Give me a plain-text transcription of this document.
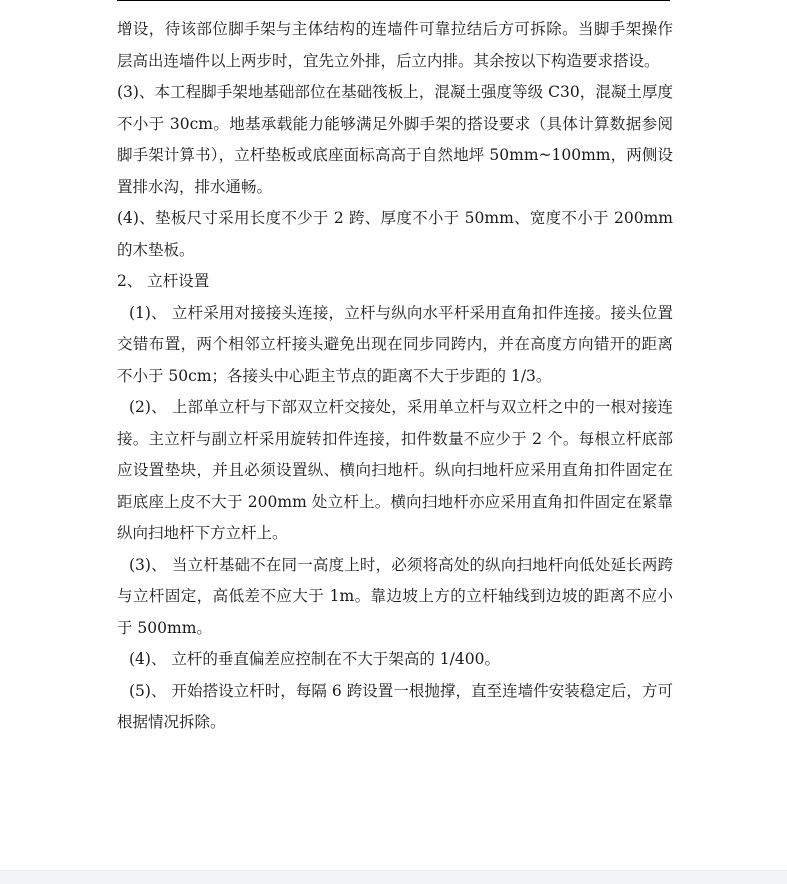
增设，待该部位脚手架与主体结构的连墙件可靠拉结后方可拆除。当脚手架操作层高出连墙件以上两步时，宜先立外排，后立内排。其余按以下构造要求搭设。

(3)、本工程脚手架地基础部位在基础筏板上，混凝土强度等级 C30，混凝土厚度不小于 30cm。地基承载能力能够满足外脚手架的搭设要求（具体计算数据参阅脚手架计算书），立杆垫板或底座面标高高于自然地坪 50mm~100mm，两侧设置排水沟，排水通畅。

(4)、垫板尺寸采用长度不少于 2 跨、厚度不小于 50mm、宽度不小于 200mm 的木垫板。

2、 立杆设置

(1)、 立杆采用对接接头连接，立杆与纵向水平杆采用直角扣件连接。接头位置交错布置，两个相邻立杆接头避免出现在同步同跨内，并在高度方向错开的距离不小于 50cm；各接头中心距主节点的距离不大于步距的 1/3。

(2)、 上部单立杆与下部双立杆交接处，采用单立杆与双立杆之中的一根对接连接。主立杆与副立杆采用旋转扣件连接，扣件数量不应少于 2 个。每根立杆底部应设置垫块，并且必须设置纵、横向扫地杆。纵向扫地杆应采用直角扣件固定在距底座上皮不大于 200mm 处立杆上。横向扫地杆亦应采用直角扣件固定在紧靠纵向扫地杆下方立杆上。

(3)、 当立杆基础不在同一高度上时，必须将高处的纵向扫地杆向低处延长两跨与立杆固定，高低差不应大于 1m。靠边坡上方的立杆轴线到边坡的距离不应小于 500mm。

(4)、 立杆的垂直偏差应控制在不大于架高的 1/400。

(5)、 开始搭设立杆时，每隔 6 跨设置一根抛撑，直至连墙件安装稳定后，方可根据情况拆除。
